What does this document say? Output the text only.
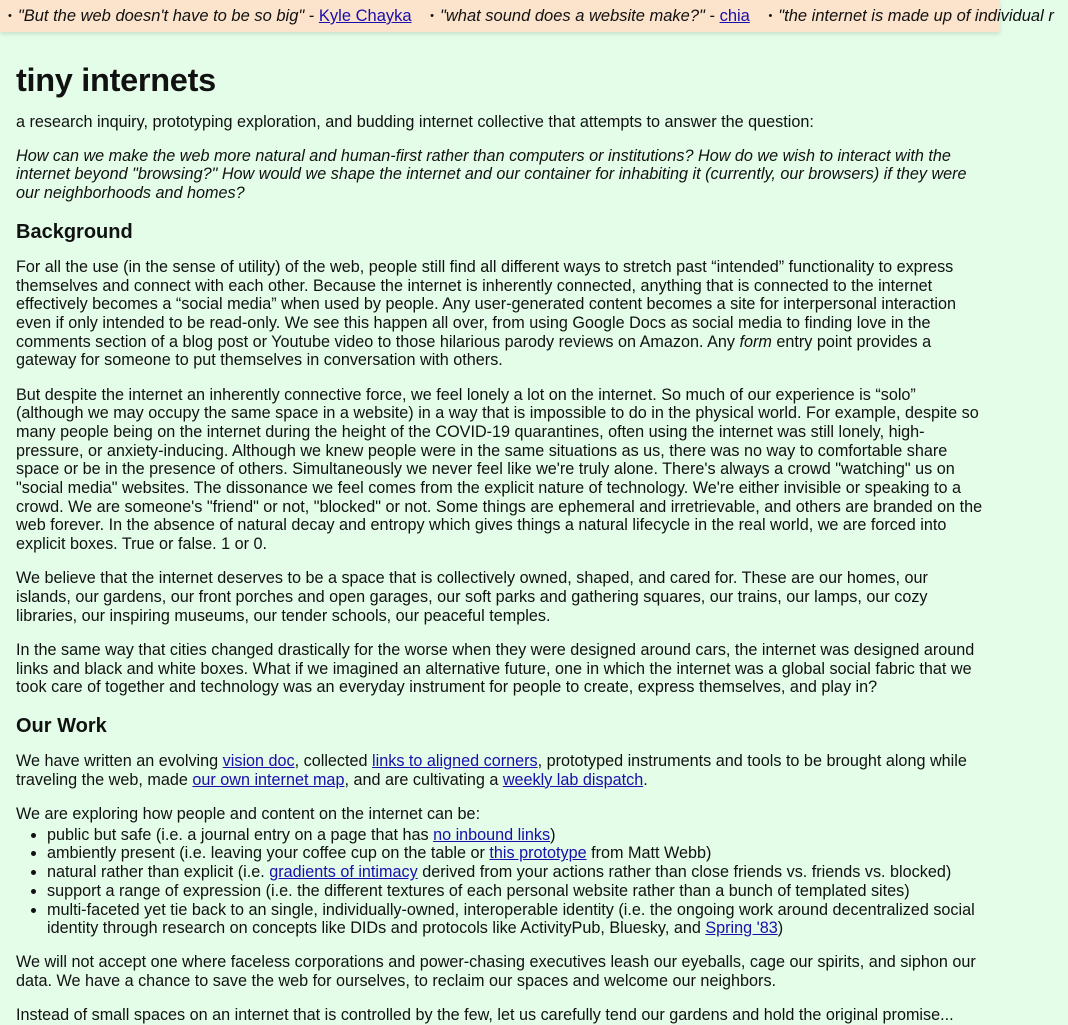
• "But the web doesn't have to be so big" - Kyle Chayka • "what sound does a website make?" - chia • "the internet is made up of individual r
tiny internets

a research inquiry, prototyping exploration, and budding internet collective that attempts to answer the question:

How can we make the web more natural and human-first rather than computers or institutions? How do we wish to interact with the internet beyond "browsing?" How would we shape the internet and our container for inhabiting it (currently, our browsers) if they were our neighborhoods and homes?

Background

For all the use (in the sense of utility) of the web, people still find all different ways to stretch past “intended” functionality to express themselves and connect with each other. Because the internet is inherently connected, anything that is connected to the internet effectively becomes a “social media” when used by people. Any user-generated content becomes a site for interpersonal interaction even if only intended to be read-only. We see this happen all over, from using Google Docs as social media to finding love in the comments section of a blog post or Youtube video to those hilarious parody reviews on Amazon. Any form entry point provides a gateway for someone to put themselves in conversation with others.

But despite the internet an inherently connective force, we feel lonely a lot on the internet. So much of our experience is “solo” (although we may occupy the same space in a website) in a way that is impossible to do in the physical world. For example, despite so many people being on the internet during the height of the COVID-19 quarantines, often using the internet was still lonely, high-pressure, or anxiety-inducing. Although we knew people were in the same situations as us, there was no way to comfortable share space or be in the presence of others. Simultaneously we never feel like we're truly alone. There's always a crowd "watching" us on "social media" websites. The dissonance we feel comes from the explicit nature of technology. We're either invisible or speaking to a crowd. We are someone's "friend" or not, "blocked" or not. Some things are ephemeral and irretrievable, and others are branded on the web forever. In the absence of natural decay and entropy which gives things a natural lifecycle in the real world, we are forced into explicit boxes. True or false. 1 or 0.

We believe that the internet deserves to be a space that is collectively owned, shaped, and cared for. These are our homes, our islands, our gardens, our front porches and open garages, our soft parks and gathering squares, our trains, our lamps, our cozy libraries, our inspiring museums, our tender schools, our peaceful temples.

In the same way that cities changed drastically for the worse when they were designed around cars, the internet was designed around links and black and white boxes. What if we imagined an alternative future, one in which the internet was a global social fabric that we took care of together and technology was an everyday instrument for people to create, express themselves, and play in?

Our Work

We have written an evolving vision doc, collected links to aligned corners, prototyped instruments and tools to be brought along while traveling the web, made our own internet map, and are cultivating a weekly lab dispatch.

We are exploring how people and content on the internet can be:

• public but safe (i.e. a journal entry on a page that has no inbound links)
• ambiently present (i.e. leaving your coffee cup on the table or this prototype from Matt Webb)
• natural rather than explicit (i.e. gradients of intimacy derived from your actions rather than close friends vs. friends vs. blocked)
• support a range of expression (i.e. the different textures of each personal website rather than a bunch of templated sites)
• multi-faceted yet tie back to an single, individually-owned, interoperable identity (i.e. the ongoing work around decentralized social identity through research on concepts like DIDs and protocols like ActivityPub, Bluesky, and Spring '83)

We will not accept one where faceless corporations and power-chasing executives leash our eyeballs, cage our spirits, and siphon our data. We have a chance to save the web for ourselves, to reclaim our spaces and welcome our neighbors.

Instead of small spaces on an internet that is controlled by the few, let us carefully tend our gardens and hold the original promise...
